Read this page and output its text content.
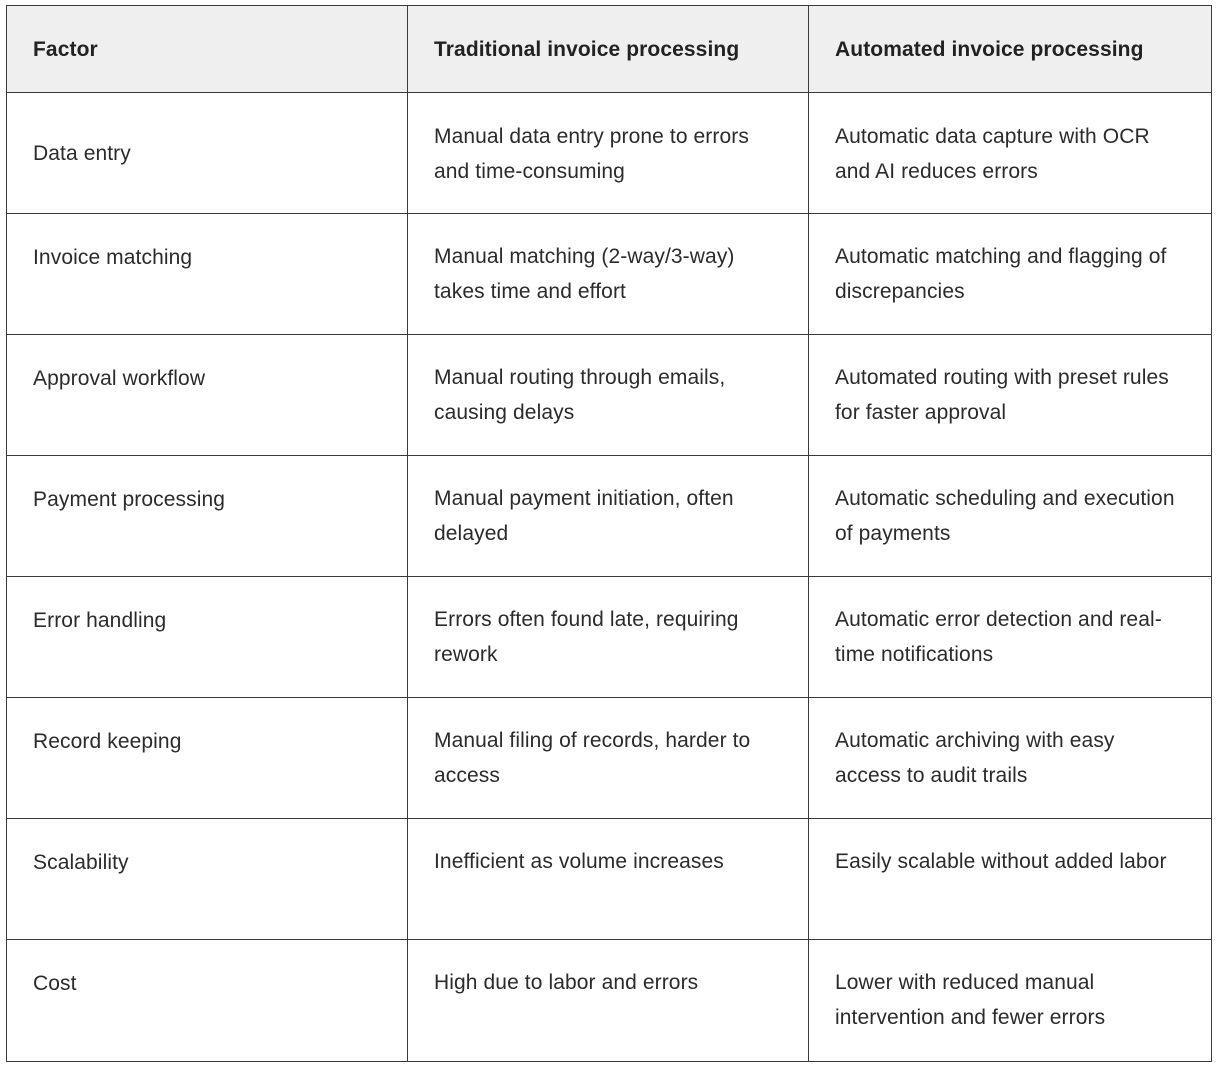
Factor	Traditional invoice processing	Automated invoice processing
Data entry	Manual data entry prone to errors and time-consuming	Automatic data capture with OCR and AI reduces errors
Invoice matching	Manual matching (2-way/3-way) takes time and effort	Automatic matching and flagging of discrepancies
Approval workflow	Manual routing through emails, causing delays	Automated routing with preset rules for faster approval
Payment processing	Manual payment initiation, often delayed	Automatic scheduling and execution of payments
Error handling	Errors often found late, requiring rework	Automatic error detection and real-time notifications
Record keeping	Manual filing of records, harder to access	Automatic archiving with easy access to audit trails
Scalability	Inefficient as volume increases	Easily scalable without added labor
Cost	High due to labor and errors	Lower with reduced manual intervention and fewer errors
